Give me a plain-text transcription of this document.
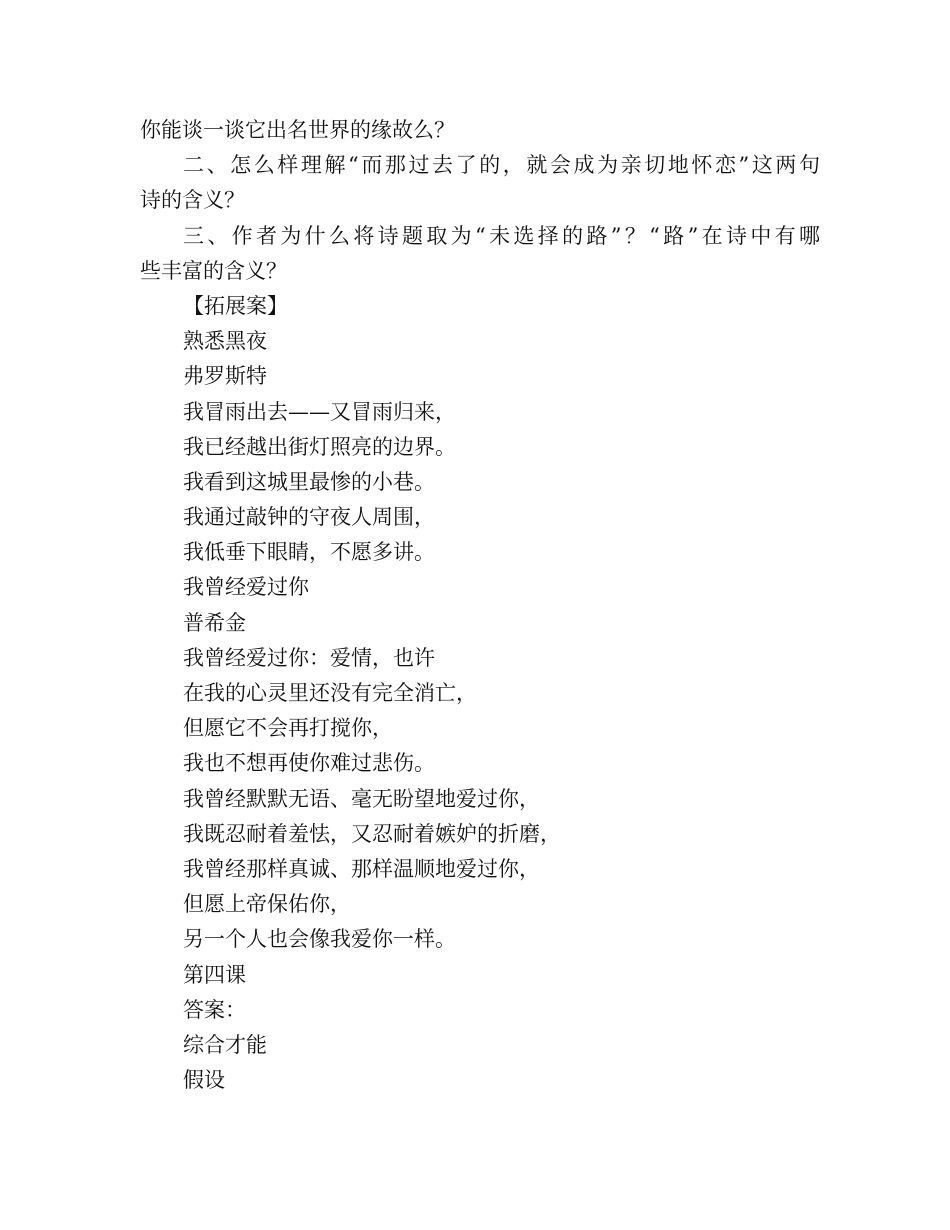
你能谈一谈它出名世界的缘故么？
二、怎么样理解“而那过去了的，就会成为亲切地怀恋”这两句
诗的含义？
三、作者为什么将诗题取为“未选择的路”？“路”在诗中有哪
些丰富的含义？
【拓展案】
熟悉黑夜
弗罗斯特
我冒雨出去——又冒雨归来，
我已经越出街灯照亮的边界。
我看到这城里最惨的小巷。
我通过敲钟的守夜人周围，
我低垂下眼睛，不愿多讲。
我曾经爱过你
普希金
我曾经爱过你：爱情，也许
在我的心灵里还没有完全消亡，
但愿它不会再打搅你，
我也不想再使你难过悲伤。
我曾经默默无语、毫无盼望地爱过你，
我既忍耐着羞怯，又忍耐着嫉妒的折磨，
我曾经那样真诚、那样温顺地爱过你，
但愿上帝保佑你，
另一个人也会像我爱你一样。
第四课
答案：
综合才能
假设
